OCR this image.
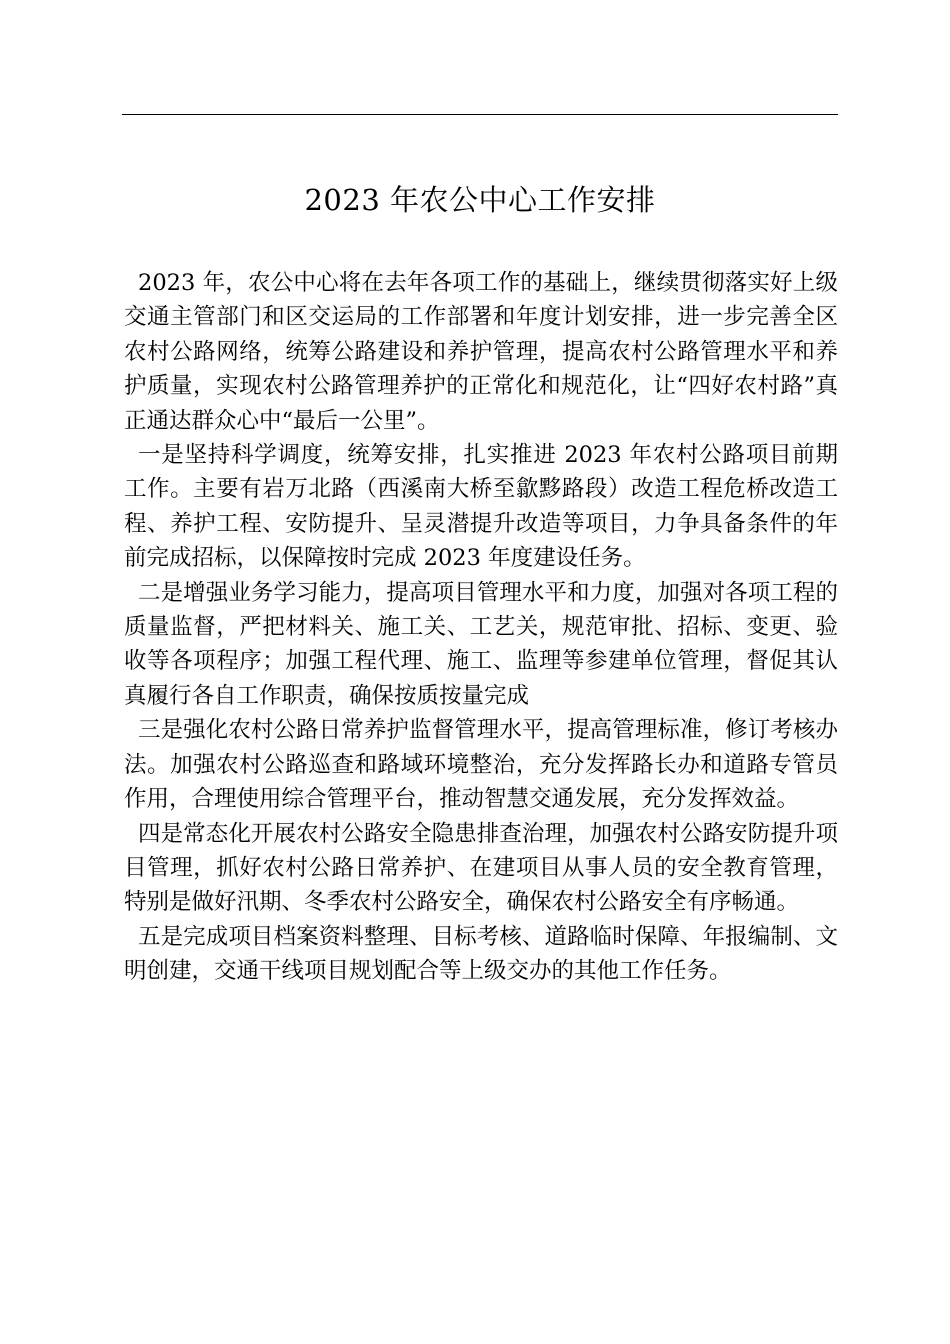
2023 年农公中心工作安排

2023 年，农公中心将在去年各项工作的基础上，继续贯彻落实好上级交通主管部门和区交运局的工作部署和年度计划安排，进一步完善全区农村公路网络，统筹公路建设和养护管理，提高农村公路管理水平和养护质量，实现农村公路管理养护的正常化和规范化，让“四好农村路”真正通达群众心中“最后一公里”。

一是坚持科学调度，统筹安排，扎实推进 2023 年农村公路项目前期工作。主要有岩万北路（西溪南大桥至歙黟路段）改造工程危桥改造工程、养护工程、安防提升、呈灵潜提升改造等项目，力争具备条件的年前完成招标，以保障按时完成 2023 年度建设任务。

二是增强业务学习能力，提高项目管理水平和力度，加强对各项工程的质量监督，严把材料关、施工关、工艺关，规范审批、招标、变更、验收等各项程序；加强工程代理、施工、监理等参建单位管理，督促其认真履行各自工作职责，确保按质按量完成

三是强化农村公路日常养护监督管理水平，提高管理标准，修订考核办法。加强农村公路巡查和路域环境整治，充分发挥路长办和道路专管员作用，合理使用综合管理平台，推动智慧交通发展，充分发挥效益。

四是常态化开展农村公路安全隐患排查治理，加强农村公路安防提升项目管理，抓好农村公路日常养护、在建项目从事人员的安全教育管理，特别是做好汛期、冬季农村公路安全，确保农村公路安全有序畅通。

五是完成项目档案资料整理、目标考核、道路临时保障、年报编制、文明创建，交通干线项目规划配合等上级交办的其他工作任务。
